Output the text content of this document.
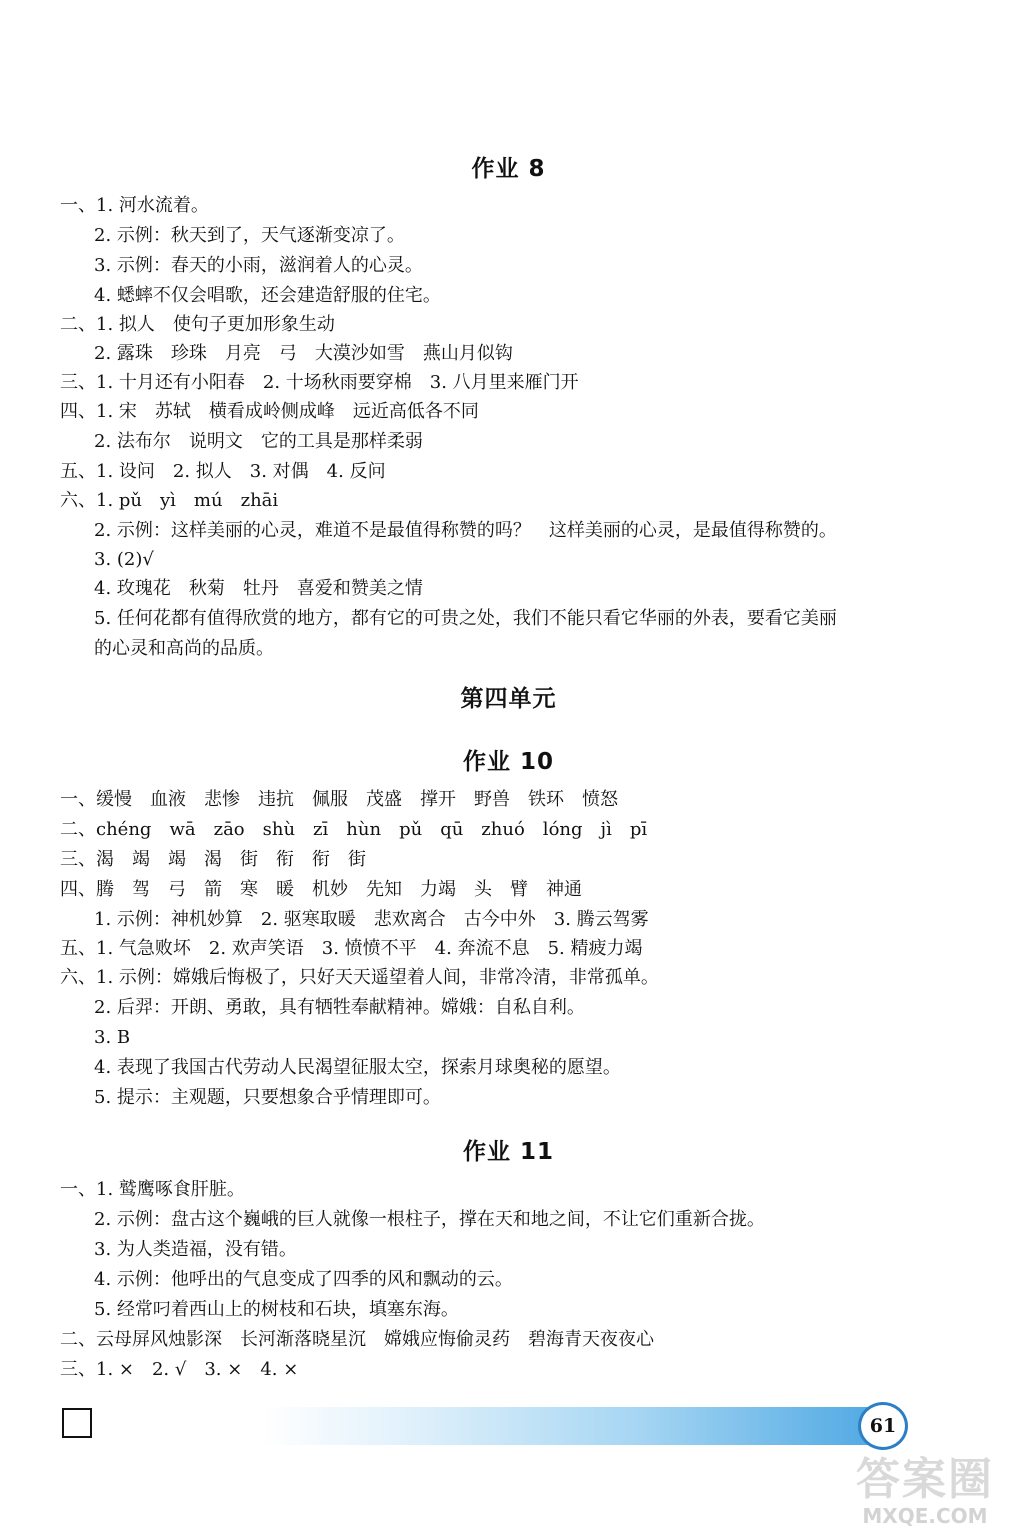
作业 8
一、1. 河水流着。
2. 示例：秋天到了，天气逐渐变凉了。
3. 示例：春天的小雨，滋润着人的心灵。
4. 蟋蟀不仅会唱歌，还会建造舒服的住宅。
二、1. 拟人　使句子更加形象生动
2. 露珠　珍珠　月亮　弓　大漠沙如雪　燕山月似钩
三、1. 十月还有小阳春　2. 十场秋雨要穿棉　3. 八月里来雁门开
四、1. 宋　苏轼　横看成岭侧成峰　远近高低各不同
2. 法布尔　说明文　它的工具是那样柔弱
五、1. 设问　2. 拟人　3. 对偶　4. 反问
六、1. pǔ　yì　mú　zhāi
2. 示例：这样美丽的心灵，难道不是最值得称赞的吗？　这样美丽的心灵，是最值得称赞的。
3. (2)√
4. 玫瑰花　秋菊　牡丹　喜爱和赞美之情
5. 任何花都有值得欣赏的地方，都有它的可贵之处，我们不能只看它华丽的外表，要看它美丽
的心灵和高尚的品质。
第四单元
作业 10
一、缓慢　血液　悲惨　违抗　佩服　茂盛　撑开　野兽　铁环　愤怒
二、chéng　wā　zāo　shù　zī　hùn　pǔ　qū　zhuó　lóng　jì　pī
三、渴　竭　竭　渴　街　衔　衔　街
四、腾　驾　弓　箭　寒　暖　机妙　先知　力竭　头　臂　神通
1. 示例：神机妙算　2. 驱寒取暖　悲欢离合　古今中外　3. 腾云驾雾
五、1. 气急败坏　2. 欢声笑语　3. 愤愤不平　4. 奔流不息　5. 精疲力竭
六、1. 示例：嫦娥后悔极了，只好天天遥望着人间，非常冷清，非常孤单。
2. 后羿：开朗、勇敢，具有牺牲奉献精神。嫦娥：自私自利。
3. B
4. 表现了我国古代劳动人民渴望征服太空，探索月球奥秘的愿望。
5. 提示：主观题，只要想象合乎情理即可。
作业 11
一、1. 鹫鹰啄食肝脏。
2. 示例：盘古这个巍峨的巨人就像一根柱子，撑在天和地之间，不让它们重新合拢。
3. 为人类造福，没有错。
4. 示例：他呼出的气息变成了四季的风和飘动的云。
5. 经常叼着西山上的树枝和石块，填塞东海。
二、云母屏风烛影深　长河渐落晓星沉　嫦娥应悔偷灵药　碧海青天夜夜心
三、1. ×　2. √　3. ×　4. ×
61
答案圈
MXQE.COM
